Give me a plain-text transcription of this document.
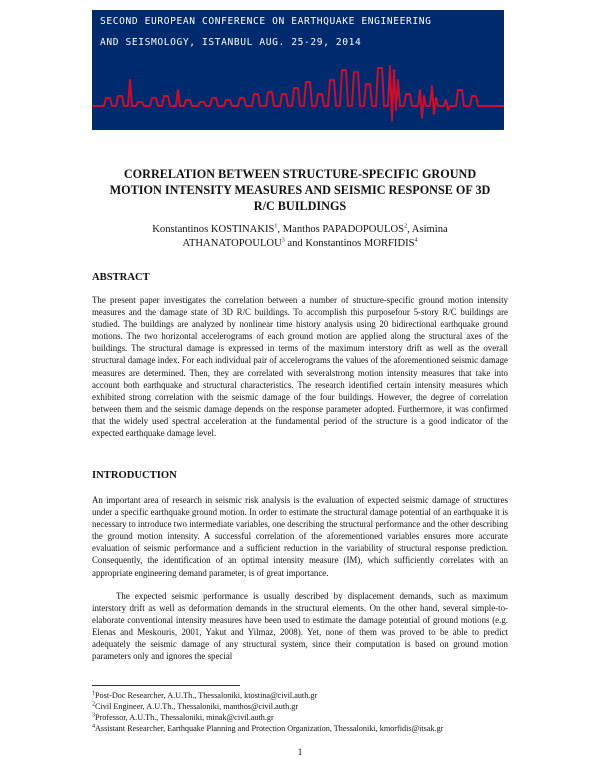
SECOND EUROPEAN CONFERENCE ON EARTHQUAKE ENGINEERING
AND SEISMOLOGY, ISTANBUL AUG. 25-29, 2014
CORRELATION BETWEEN STRUCTURE-SPECIFIC GROUND
MOTION INTENSITY MEASURES AND SEISMIC RESPONSE OF 3D
R/C BUILDINGS
Konstantinos KOSTINAKIS$^1$, Manthos PAPADOPOULOS$^2$, Asimina
ATHANATOPOULOU$^3$ and Konstantinos MORFIDIS$^4$
ABSTRACT

The present paper investigates the correlation between a number of structure-specific ground motion intensity measures and the damage state of 3D R/C buildings. To accomplish this purposefour 5-story R/C buildings are studied. The buildings are analyzed by nonlinear time history analysis using 20 bidirectional earthquake ground motions. The two horizontal accelerograms of each ground motion are applied along the structural axes of the buildings. The structural damage is expressed in terms of the maximum interstory drift as well as the overall structural damage index. For each individual pair of accelerograms the values of the aforementioned seismic damage measures are determined. Then, they are correlated with severalstrong motion intensity measures that take into account both earthquake and structural characteristics. The research identified certain intensity measures which exhibited strong correlation with the seismic damage of the four buildings. However, the degree of correlation between them and the seismic damage depends on the response parameter adopted. Furthermore, it was confirmed that the widely used spectral acceleration at the fundamental period of the structure is a good indicator of the expected earthquake damage level.

INTRODUCTION

An important area of research in seismic risk analysis is the evaluation of expected seismic damage of structures under a specific earthquake ground motion. In order to estimate the structural damage potential of an earthquake it is necessary to introduce two intermediate variables, one describing the structural performance and the other describing the ground motion intensity. A successful correlation of the aforementioned variables ensures more accurate evaluation of seismic performance and a sufficient reduction in the variability of structural response prediction. Consequently, the identification of an optimal intensity measure (IM), which sufficiently correlates with an appropriate engineering demand parameter, is of great importance.

The expected seismic performance is usually described by displacement demands, such as maximum interstory drift as well as deformation demands in the structural elements. On the other hand, several simple-to-elaborate conventional intensity measures have been used to estimate the damage potential of ground motions (e.g. Elenas and Meskouris, 2001, Yakut and Yilmaz, 2008). Yet, none of them was proved to be able to predict adequately the seismic damage of any structural system, since their computation is based on ground motion parameters only and ignores the special

$^1$Post-Doc Researcher, A.U.Th., Thessaloniki, ktostina@civil.auth.gr
$^2$Civil Engineer, A.U.Th., Thessaloniki, manthos@civil.auth.gr
$^3$Professor, A.U.Th., Thessaloniki, minak@civil.auth.gr
$^4$Assistant Researcher, Earthquake Planning and Protection Organization, Thessaloniki, kmorfidis@itsak.gr
1
